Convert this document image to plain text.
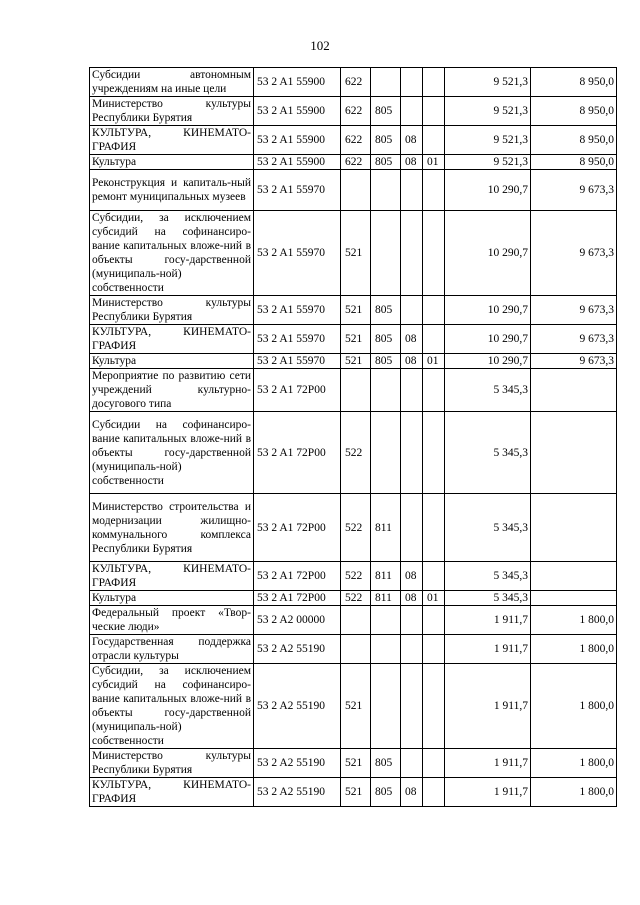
102
Субсидии автономным учреждениям на иные цели	53 2 A1 55900	622				9 521,3	8 950,0
Министерство культуры Республики Бурятия	53 2 A1 55900	622	805			9 521,3	8 950,0
КУЛЬТУРА, КИНЕМАТО-ГРАФИЯ	53 2 A1 55900	622	805	08		9 521,3	8 950,0
Культура	53 2 A1 55900	622	805	08	01	9 521,3	8 950,0
Реконструкция и капиталь-ный ремонт муниципальных музеев	53 2 A1 55970					10 290,7	9 673,3
Субсидии, за исключением субсидий на софинансиро-вание капитальных вложе-ний в объекты госу-дарственной (муниципаль-ной) собственности	53 2 A1 55970	521				10 290,7	9 673,3
Министерство культуры Республики Бурятия	53 2 A1 55970	521	805			10 290,7	9 673,3
КУЛЬТУРА, КИНЕМАТО-ГРАФИЯ	53 2 A1 55970	521	805	08		10 290,7	9 673,3
Культура	53 2 A1 55970	521	805	08	01	10 290,7	9 673,3
Мероприятие по развитию сети учреждений культурно-досугового типа	53 2 A1 72P00					5 345,3	
Субсидии на софинансиро-вание капитальных вложе-ний в объекты госу-дарственной (муниципаль-ной) собственности	53 2 A1 72P00	522				5 345,3	
Министерство строительства и модернизации жилищно-коммунального комплекса Республики Бурятия	53 2 A1 72P00	522	811			5 345,3	
КУЛЬТУРА, КИНЕМАТО-ГРАФИЯ	53 2 A1 72P00	522	811	08		5 345,3	
Культура	53 2 A1 72P00	522	811	08	01	5 345,3	
Федеральный проект «Твор-ческие люди»	53 2 A2 00000					1 911,7	1 800,0
Государственная поддержка отрасли культуры	53 2 A2 55190					1 911,7	1 800,0
Субсидии, за исключением субсидий на софинансиро-вание капитальных вложе-ний в объекты госу-дарственной (муниципаль-ной) собственности	53 2 A2 55190	521				1 911,7	1 800,0
Министерство культуры Республики Бурятия	53 2 A2 55190	521	805			1 911,7	1 800,0
КУЛЬТУРА, КИНЕМАТО-ГРАФИЯ	53 2 A2 55190	521	805	08		1 911,7	1 800,0
